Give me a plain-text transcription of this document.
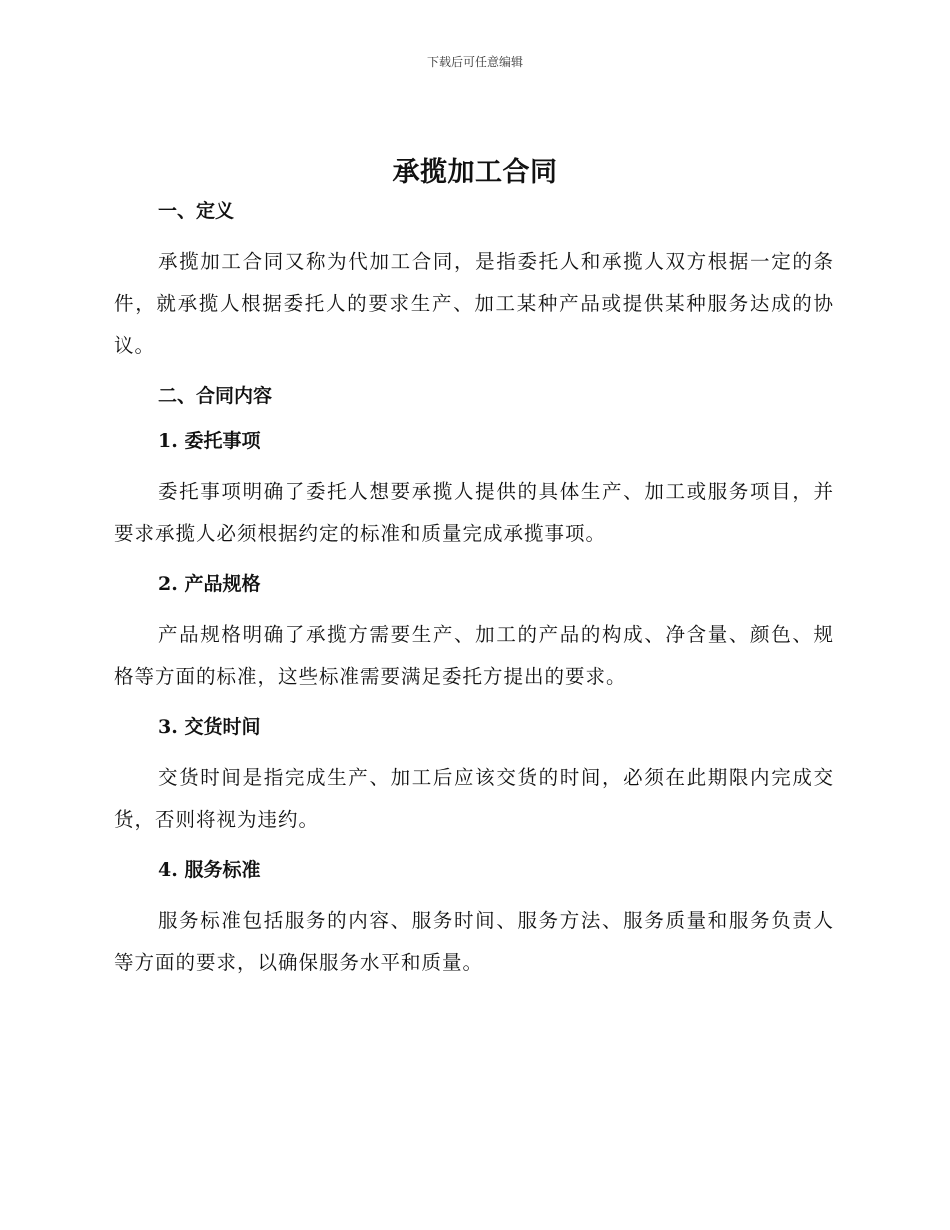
下载后可任意编辑
承揽加工合同

一、定义

承揽加工合同又称为代加工合同，是指委托人和承揽人双方根据一定的条件，就承揽人根据委托人的要求生产、加工某种产品或提供某种服务达成的协议。

二、合同内容

1. 委托事项

委托事项明确了委托人想要承揽人提供的具体生产、加工或服务项目，并要求承揽人必须根据约定的标准和质量完成承揽事项。

2. 产品规格

产品规格明确了承揽方需要生产、加工的产品的构成、净含量、颜色、规格等方面的标准，这些标准需要满足委托方提出的要求。

3. 交货时间

交货时间是指完成生产、加工后应该交货的时间，必须在此期限内完成交货，否则将视为违约。

4. 服务标准

服务标准包括服务的内容、服务时间、服务方法、服务质量和服务负责人等方面的要求，以确保服务水平和质量。
